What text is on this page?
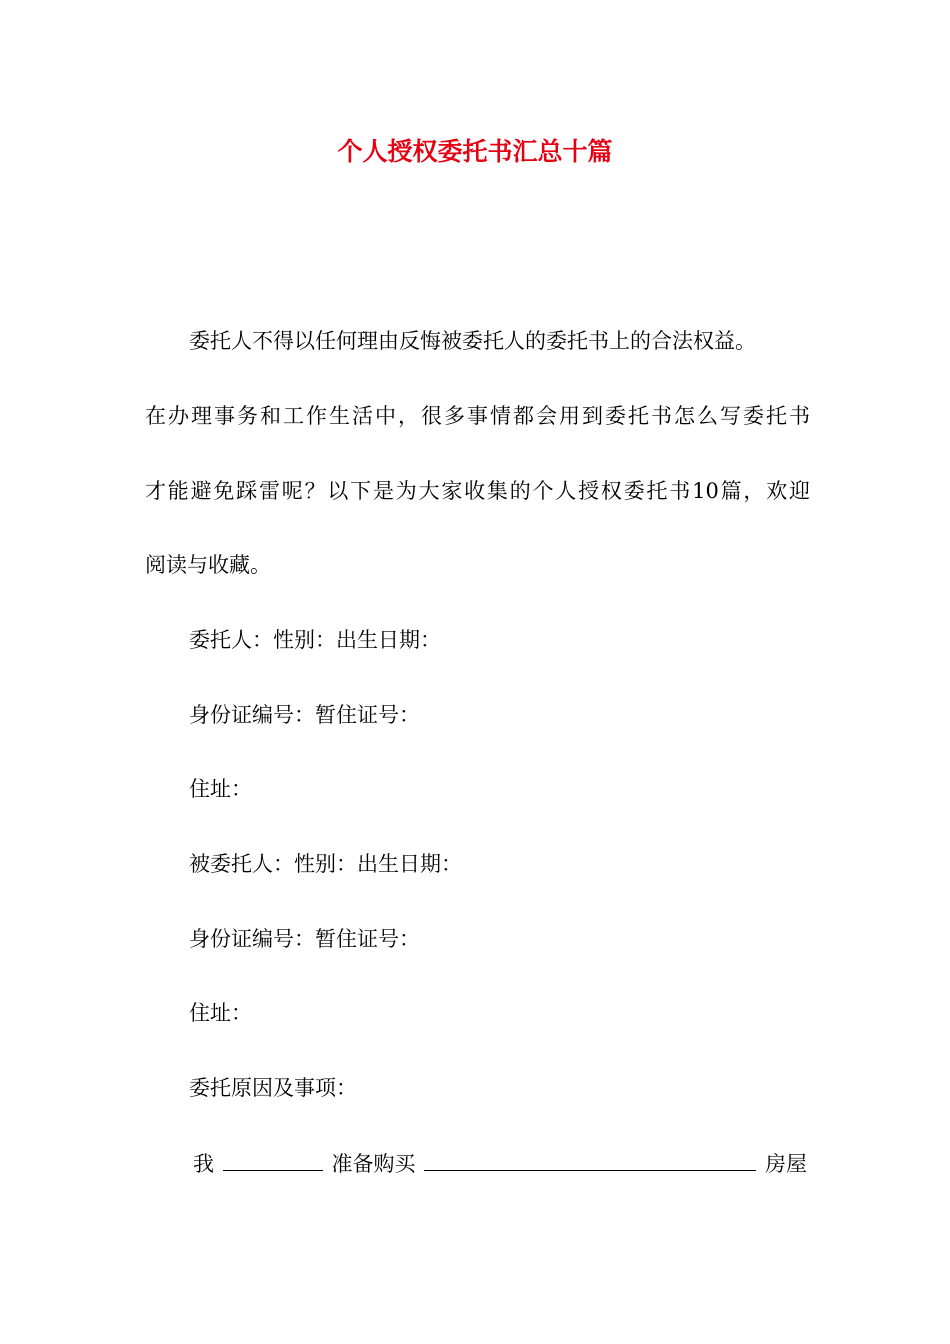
个人授权委托书汇总十篇
委托人不得以任何理由反悔被委托人的委托书上的合法权益。
在办理事务和工作生活中，很多事情都会用到委托书怎么写委托书
才能避免踩雷呢？以下是为大家收集的个人授权委托书10篇，欢迎
阅读与收藏。
委托人：性别：出生日期：
身份证编号：暂住证号：
住址：
被委托人：性别：出生日期：
身份证编号：暂住证号：
住址：
委托原因及事项：
我	准备购买	房屋
